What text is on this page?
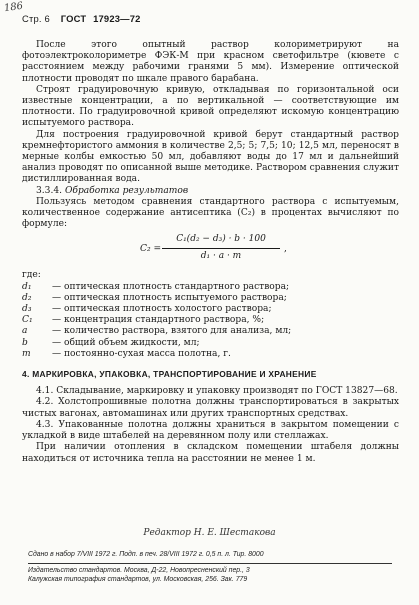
186
Стр. 6 ГОСТ 17923—72

После этого опытный раствор колориметрируют на фотоэлектроколориметре ФЭК-М при красном светофильтре (кювете с расстоянием между рабочими гранями 5 мм). Измерение оптической плотности проводят по шкале правого барабана.

Строят градуировочную кривую, откладывая по горизонтальной оси известные концентрации, а по вертикальной — соответствующие им плотности. По градуировочной кривой определяют искомую концентрацию испытуемого раствора.

Для построения градуировочной кривой берут стандартный раствор кремнефтористого аммония в количестве 2,5; 5; 7,5; 10; 12,5 мл, переносят в мерные колбы емкостью 50 мл, добавляют воды до 17 мл и дальнейший анализ проводят по описанной выше методике. Раствором сравнения служит дистиллированная вода.

3.3.4. Обработка результатов

Пользуясь методом сравнения стандартного раствора с испытуемым, количественное содержание антисептика (C₂) в процентах вычисляют по формуле:

C₂ =
C₁(d₂ − d₃) · b · 100
d₁ · a · m
,

где:

d₁	— оптическая плотность стандартного раствора;
d₂	— оптическая плотность испытуемого раствора;
d₃	— оптическая плотность холостого раствора;
C₁	— концентрация стандартного раствора, %;
a	— количество раствора, взятого для анализа, мл;
b	— общий объем жидкости, мл;
m	— постоянно-сухая масса полотна, г.

4. МАРКИРОВКА, УПАКОВКА, ТРАНСПОРТИРОВАНИЕ И ХРАНЕНИЕ

4.1. Складывание, маркировку и упаковку производят по ГОСТ 13827—68.

4.2. Холстопрошивные полотна должны транспортироваться в закрытых чистых вагонах, автомашинах или других транспортных средствах.

4.3. Упакованные полотна должны храниться в закрытом помещении с укладкой в виде штабелей на деревянном полу или стеллажах.

При наличии отопления в складском помещении штабеля должны находиться от источника тепла на расстоянии не менее 1 м.

Редактор Н. Е. Шестакова
Сдано в набор 7/VIII 1972 г. Подп. в печ. 28/VIII 1972 г. 0,5 п. л. Тир. 8000
Издательство стандартов. Москва, Д-22, Новопресненский пер., 3
Калужская типография стандартов, ул. Московская, 256. Зак. 779
